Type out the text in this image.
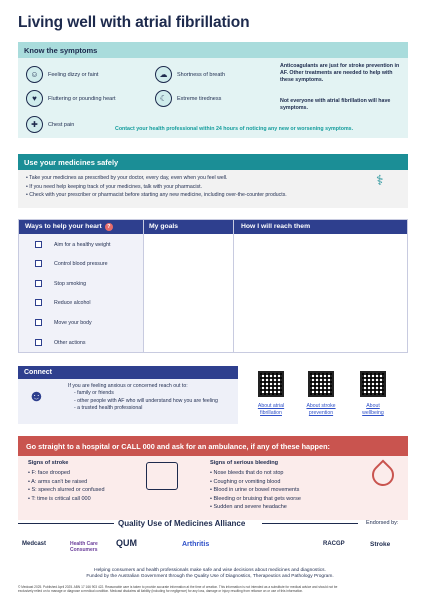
Living well with atrial fibrillation
Know the symptoms
☺	Feeling dizzy or faint
♥	Fluttering or pounding heart
✚	Chest pain
☁	Shortness of breath
☾	Extreme tiredness
Anticoagulants are just for stroke prevention in AF. Other treatments are needed to help with these symptoms.
Not everyone with atrial fibrillation will have symptoms.
Contact your health professional within 24 hours of noticing any new or worsening symptoms.
Use your medicines safely
• Take your medicines as prescribed by your doctor, every day, even when you feel well.
• If you need help keeping track of your medicines, talk with your pharmacist.
• Check with your prescriber or pharmacist before starting any new medicine, including over-the-counter products.
⚕
Ways to help your heart ?	My goals	How I will reach them
Aim for a healthy weight
Control blood pressure
Stop smoking
Reduce alcohol
Move your body
Other actions
Connect
☻
If you are feeling anxious or concerned reach out to:
- family or friends
- other people with AF who will understand how you are feeling
- a trusted health professional	About atrial
fibrillation
About stroke
prevention
About
wellbeing
Go straight to a hospital or CALL 000 and ask for an ambulance, if any of these happen:
Signs of stroke
• F: face drooped
• A: arms can't be raised
• S: speech slurred or confused
• T: time is critical call 000
Signs of serious bleeding
• Nose bleeds that do not stop
• Coughing or vomiting blood
• Blood in urine or bowel movements
• Bleeding or bruising that gets worse
• Sudden and severe headache
Quality Use of Medicines Alliance	Endorsed by:
Medcast	Health Care Consumers
QUM	Arthritis	RACGP	Stroke
Helping consumers and health professionals make safe and wise decisions about medicines and diagnostics.
Funded by the Australian Government through the Quality Use of Diagnostics, Therapeutics and Pathology Program.
© Medcast 2025. Published April 2025. ABN 17 166 903 422. Reasonable care is taken to provide accurate information at the time of creation. This information is not intended as a substitute for medical advice and should not be exclusively relied on to manage or diagnose a medical condition. Medcast disclaims all liability (including for negligence) for any loss, damage or injury resulting from reliance on or use of this information.
